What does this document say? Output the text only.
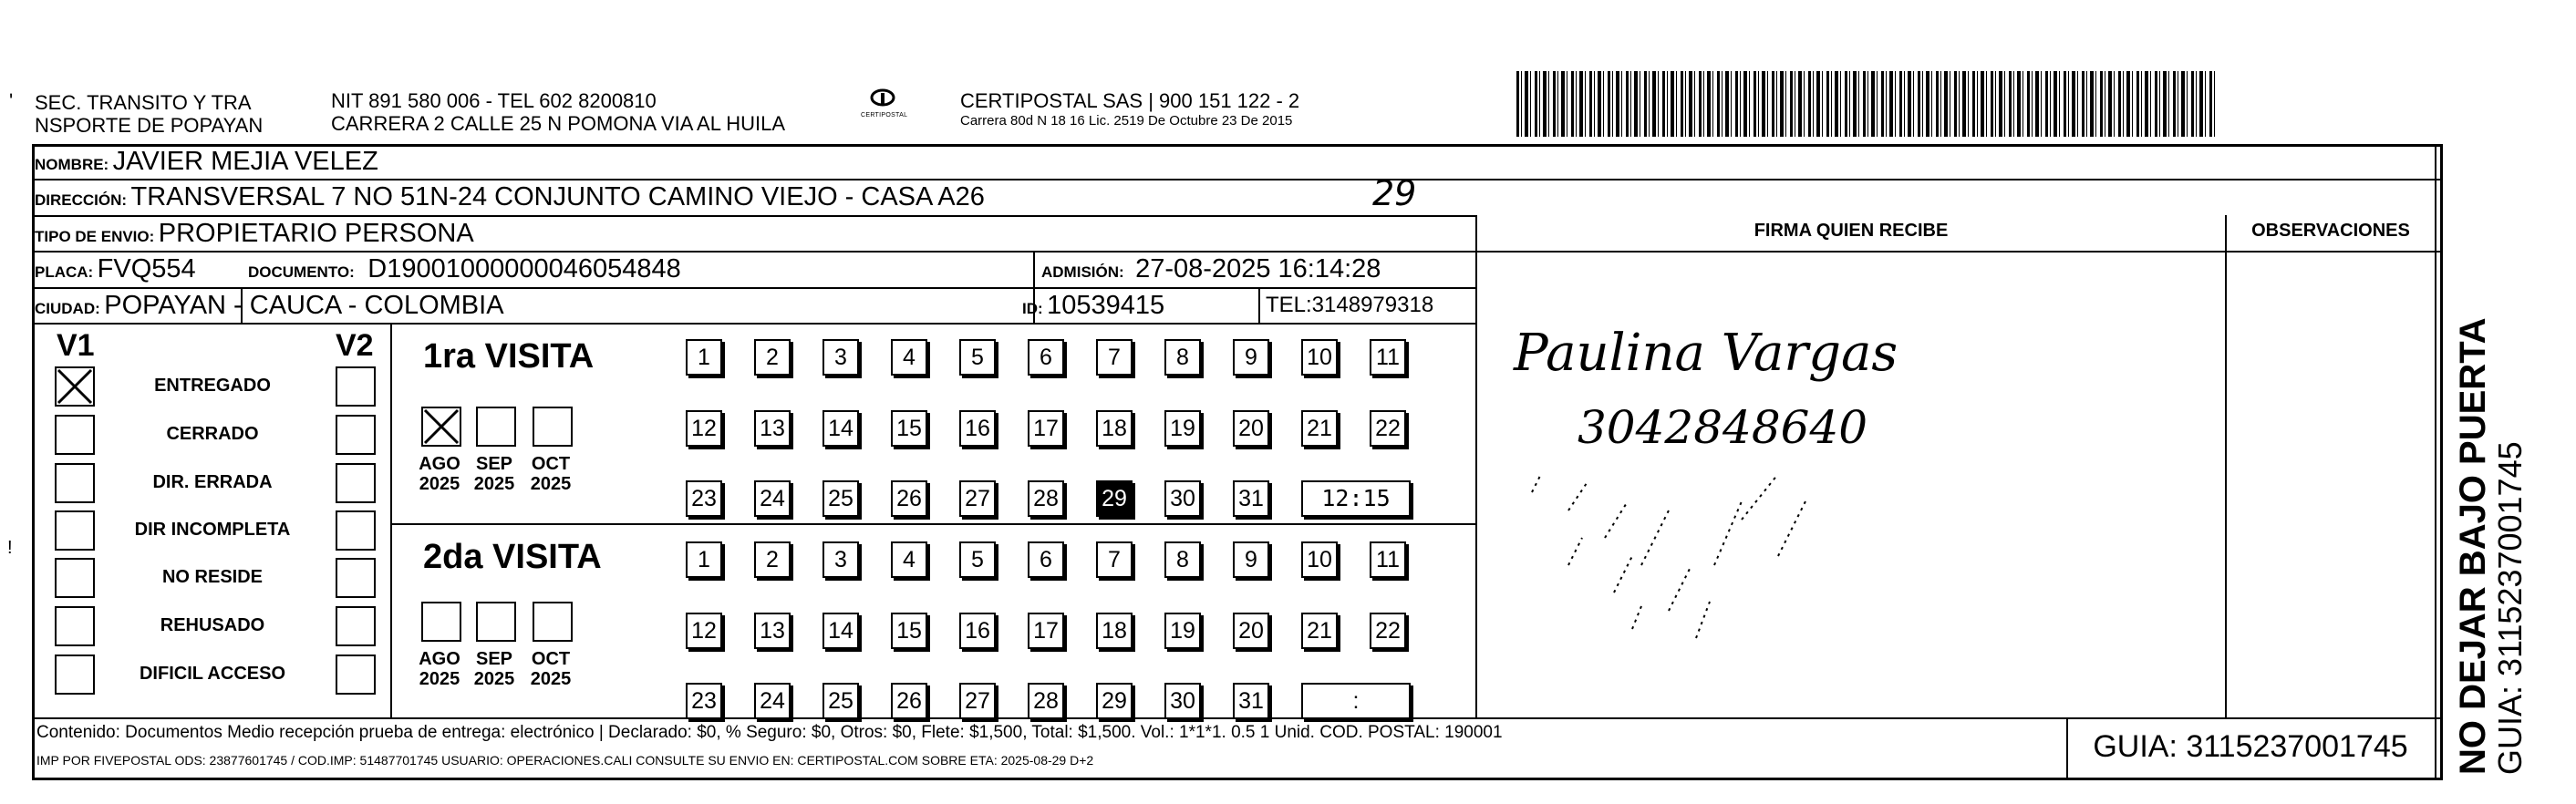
ʹ SEC. TRANSITO Y TRA
NSPORTE DE POPAYAN
NIT 891 580 006 - TEL 602 8200810
CARRERA 2 CALLE 25 N POMONA VIA AL HUILA	CERTIPOSTAL
CERTIPOSTAL SAS | 900 151 122 - 2
Carrera 80d N 18 16 Lic. 2519 De Octubre 23 De 2015
NOMBRE: JAVIER MEJIA VELEZ
DIRECCIÓN: TRANSVERSAL 7 NO 51N-24 CONJUNTO CAMINO VIEJO - CASA A26	29
TIPO DE ENVIO: PROPIETARIO PERSONA
PLACA: FVQ554	DOCUMENTO: D19001000000046054848	ADMISIÓN: 27-08-2025 16:14:28
CIUDAD: POPAYAN - CAUCA - COLOMBIA	ID: 10539415	TEL:3148979318
FIRMA QUIEN RECIBE	OBSERVACIONES
Paulina Vargas
3042848640
V1	V2
ENTREGADO
CERRADO
DIR. ERRADA
DIR INCOMPLETA
NO RESIDE
REHUSADO
DIFICIL ACCESO
1ra VISITA
AGO
2025
SEP
2025
OCT
2025
1	2	3	4	5	6	7	8	9	10 11
12 13 14 15 16 17 18 19 20 21 22
23 24 25 26 27 28 29 30 31	12:15
2da VISITA
AGO
2025
SEP
2025
OCT
2025
1	2	3	4	5	6	7	8	9	10 11
12 13 14 15 16 17 18 19 20 21 22
23 24 25 26 27 28 29 30 31	:
Contenido: Documentos Medio recepción prueba de entrega: electrónico | Declarado: $0, % Seguro: $0, Otros: $0, Flete: $1,500, Total: $1,500. Vol.: 1*1*1. 0.5 1 Unid. COD. POSTAL: 190001
IMP POR FIVEPOSTAL ODS: 23877601745 / COD.IMP: 51487701745 USUARIO: OPERACIONES.CALI CONSULTE SU ENVIO EN: CERTIPOSTAL.COM SOBRE ETA: 2025-08-29 D+2	GUIA: 3115237001745	NO DEJAR BAJO PUERTA
GUIA: 3115237001745
!
